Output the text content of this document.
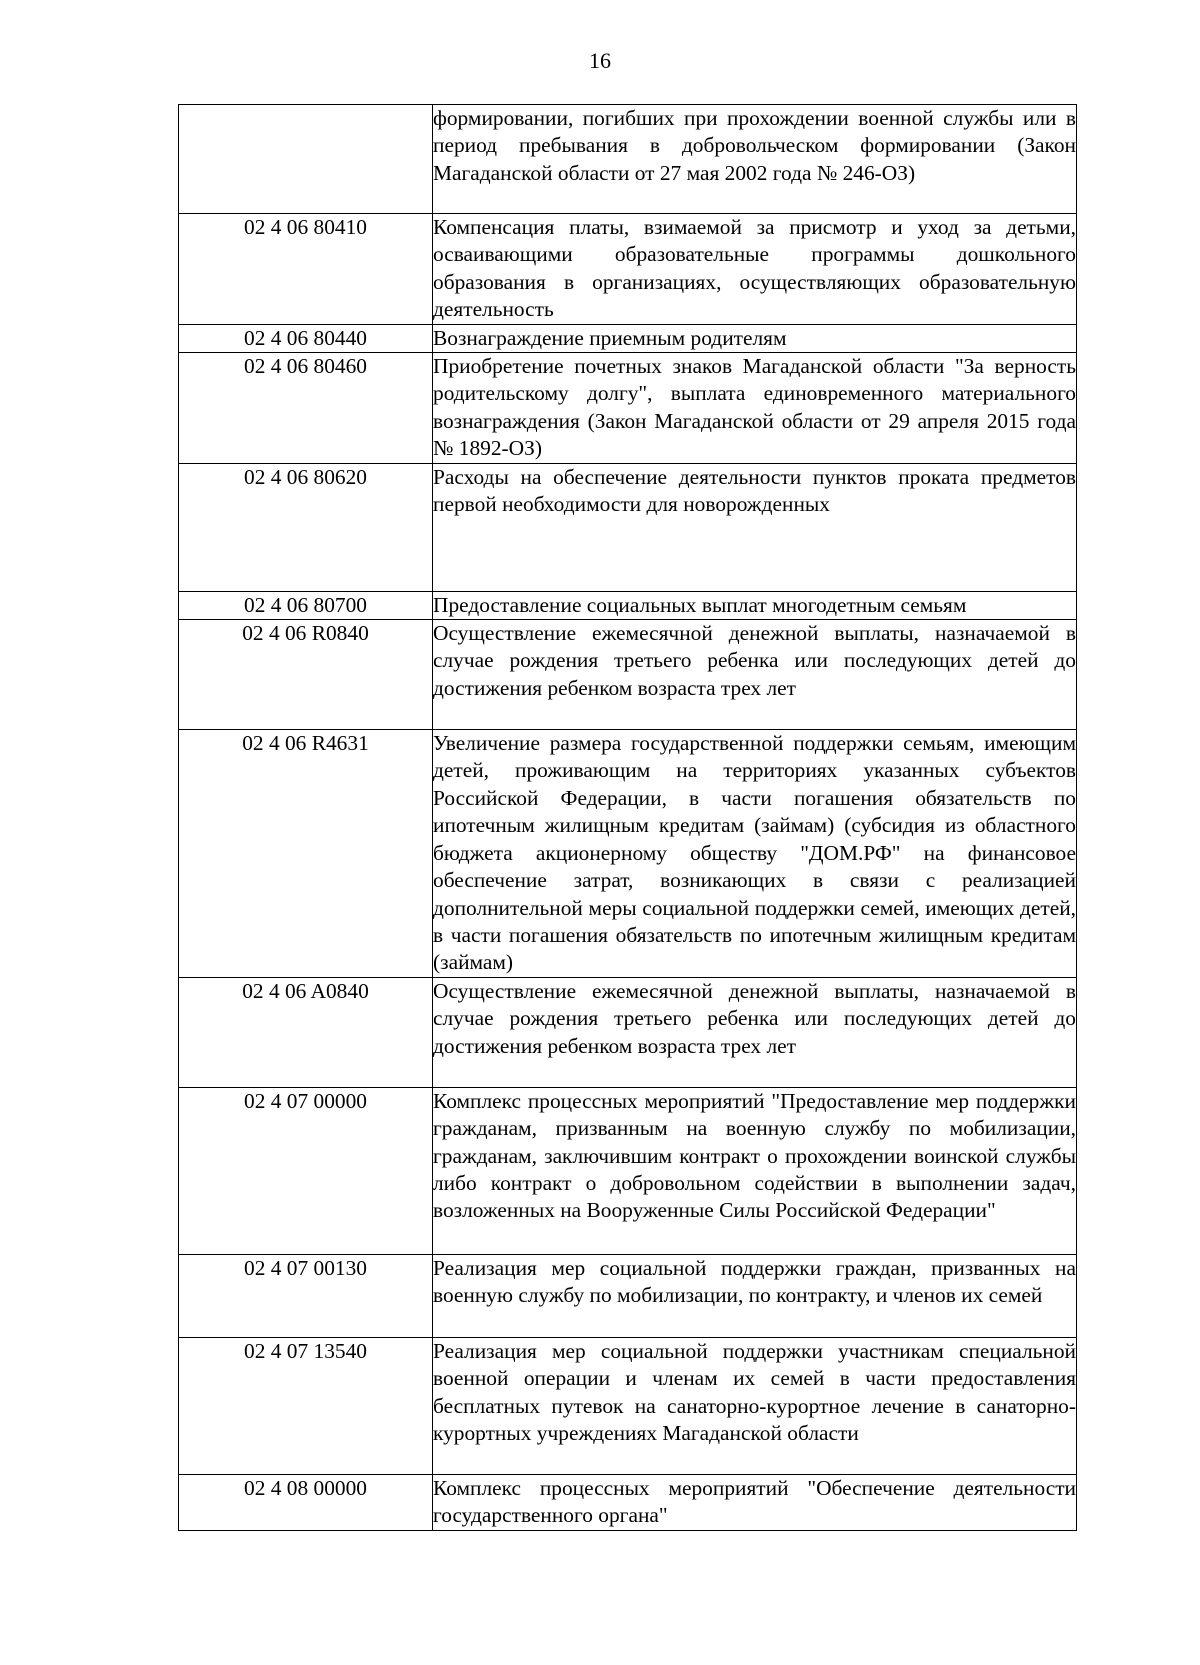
16
	формировании, погибших при прохождении военной службы или в период пребывания в добровольческом формировании (Закон Магаданской области от 27 мая 2002 года № 246-ОЗ)
02 4 06 80410	Компенсация платы, взимаемой за присмотр и уход за детьми, осваивающими образовательные программы дошкольного образования в организациях, осуществляющих образовательную деятельность
02 4 06 80440	Вознаграждение приемным родителям
02 4 06 80460	Приобретение почетных знаков Магаданской области "За верность родительскому долгу", выплата единовременного материального вознаграждения (Закон Магаданской области от 29 апреля 2015 года № 1892-ОЗ)
02 4 06 80620	Расходы на обеспечение деятельности пунктов проката предметов первой необходимости для новорожденных
02 4 06 80700	Предоставление социальных выплат многодетным семьям
02 4 06 R0840	Осуществление ежемесячной денежной выплаты, назначаемой в случае рождения третьего ребенка или последующих детей до достижения ребенком возраста трех лет
02 4 06 R4631	Увеличение размера государственной поддержки семьям, имеющим детей, проживающим на территориях указанных субъектов Российской Федерации, в части погашения обязательств по ипотечным жилищным кредитам (займам) (субсидия из областного бюджета акционерному обществу "ДОМ.РФ" на финансовое обеспечение затрат, возникающих в связи с реализацией дополнительной меры социальной поддержки семей, имеющих детей, в части погашения обязательств по ипотечным жилищным кредитам (займам)
02 4 06 A0840	Осуществление ежемесячной денежной выплаты, назначаемой в случае рождения третьего ребенка или последующих детей до достижения ребенком возраста трех лет
02 4 07 00000	Комплекс процессных мероприятий "Предоставление мер поддержки гражданам, призванным на военную службу по мобилизации, гражданам, заключившим контракт о прохождении воинской службы либо контракт о добровольном содействии в выполнении задач, возложенных на Вооруженные Силы Российской Федерации"
02 4 07 00130	Реализация мер социальной поддержки граждан, призванных на военную службу по мобилизации, по контракту, и членов их семей
02 4 07 13540	Реализация мер социальной поддержки участникам специальной военной операции и членам их семей в части предоставления бесплатных путевок на санаторно-курортное лечение в санаторно-курортных учреждениях Магаданской области
02 4 08 00000	Комплекс процессных мероприятий "Обеспечение деятельности государственного органа"
